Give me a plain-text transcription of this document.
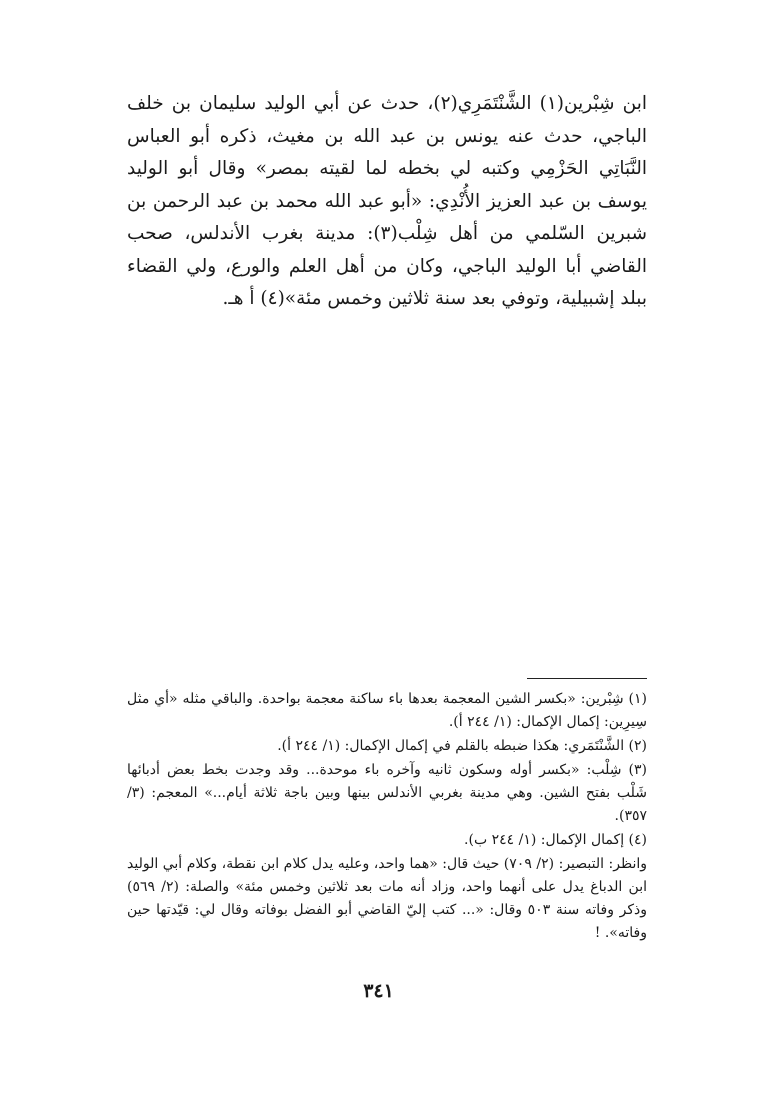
ابن شِبْرين(١) الشَّنْتَمَرِي(٢)، حدث عن أبي الوليد سليمان بن خلف الباجي، حدث عنه يونس بن عبد الله بن مغيث، ذكره أبو العباس النَّبَاتِي الحَزْمِي وكتبه لي بخطه لما لقيته بمصر» وقال أبو الوليد يوسف بن عبد العزيز الأُنْدِي: «أبو عبد الله محمد بن عبد الرحمن بن شبرين السّلمي من أهل شِلْب(٣): مدينة بغرب الأندلس، صحب القاضي أبا الوليد الباجي، وكان من أهل العلم والورع، ولي القضاء ببلد إشبيلية، وتوفي بعد سنة ثلاثين وخمس مئة»(٤) أ هـ.

(١) شِبْرين: «بكسر الشين المعجمة بعدها باء ساكنة معجمة بواحدة. والباقي مثله «أي مثل سِيرِين: إكمال الإكمال: (١/ ٢٤٤ أ).

(٢) الشَّنْتَمَري: هكذا ضبطه بالقلم في إكمال الإكمال: (١/ ٢٤٤ أ).

(٣) شِلْب: «بكسر أوله وسكون ثانيه وآخره باء موحدة... وقد وجدت بخط بعض أدبائها شَلْب بفتح الشين. وهي مدينة بغربي الأندلس بينها وبين باجة ثلاثة أيام...» المعجم: (٣/ ٣٥٧).

(٤) إكمال الإكمال: (١/ ٢٤٤ ب).

وانظر: التبصير: (٢/ ٧٠٩) حيث قال: «هما واحد، وعليه يدل كلام ابن نقطة، وكلام أبي الوليد ابن الدباغ يدل على أنهما واحد، وزاد أنه مات بعد ثلاثين وخمس مئة» والصلة: (٢/ ٥٦٩) وذكر وفاته سنة ٥٠٣ وقال: «... كتب إليّ القاضي أبو الفضل بوفاته وقال لي: قيّدتها حين وفاته». !

٣٤١
